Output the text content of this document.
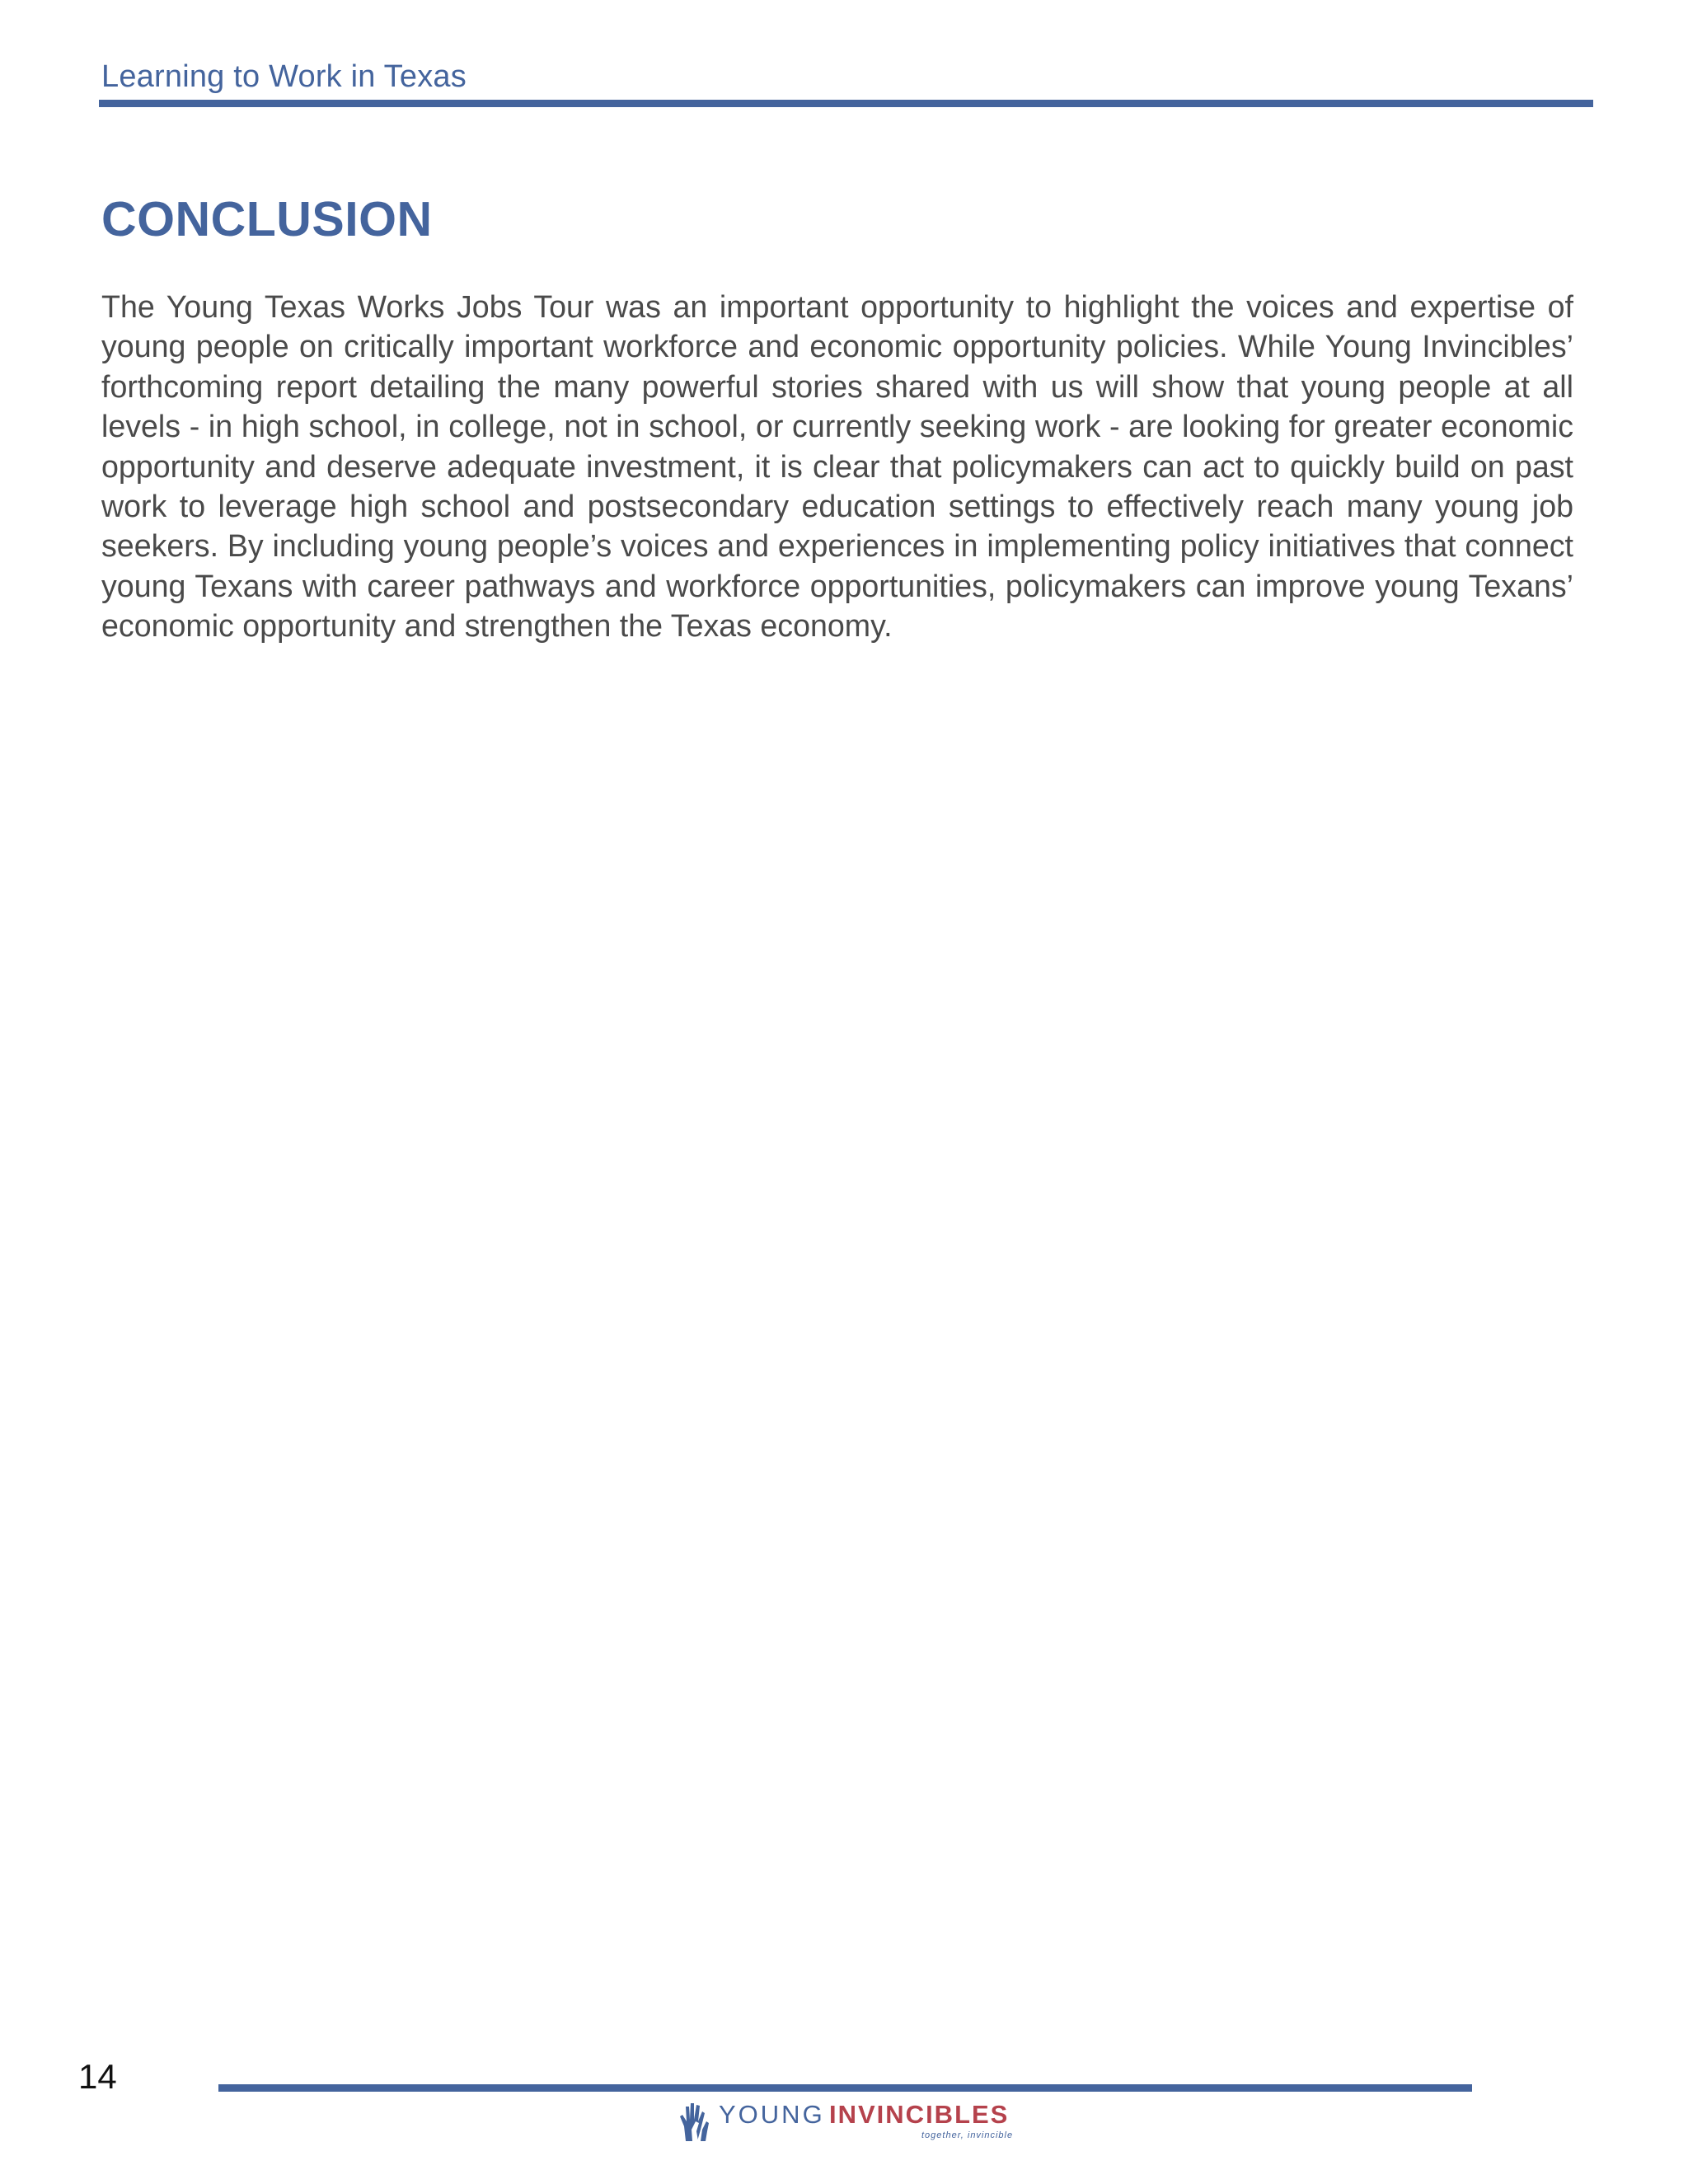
Learning to Work in Texas
CONCLUSION

The Young Texas Works Jobs Tour was an important opportunity to highlight the voices and expertise of young people on critically important workforce and economic opportunity policies. While Young Invincibles’ forthcoming report detailing the many powerful stories shared with us will show that young people at all levels - in high school, in college, not in school, or currently seeking work - are looking for greater economic opportunity and deserve adequate investment, it is clear that policymakers can act to quickly build on past work to leverage high school and postsecondary education settings to effectively reach many young job seekers. By including young people’s voices and experiences in implementing policy initiatives that connect young Texans with career pathways and workforce opportunities, policymakers can improve young Texans’ economic opportunity and strengthen the Texas economy.

14
YOUNG INVINCIBLES
together, invincible
